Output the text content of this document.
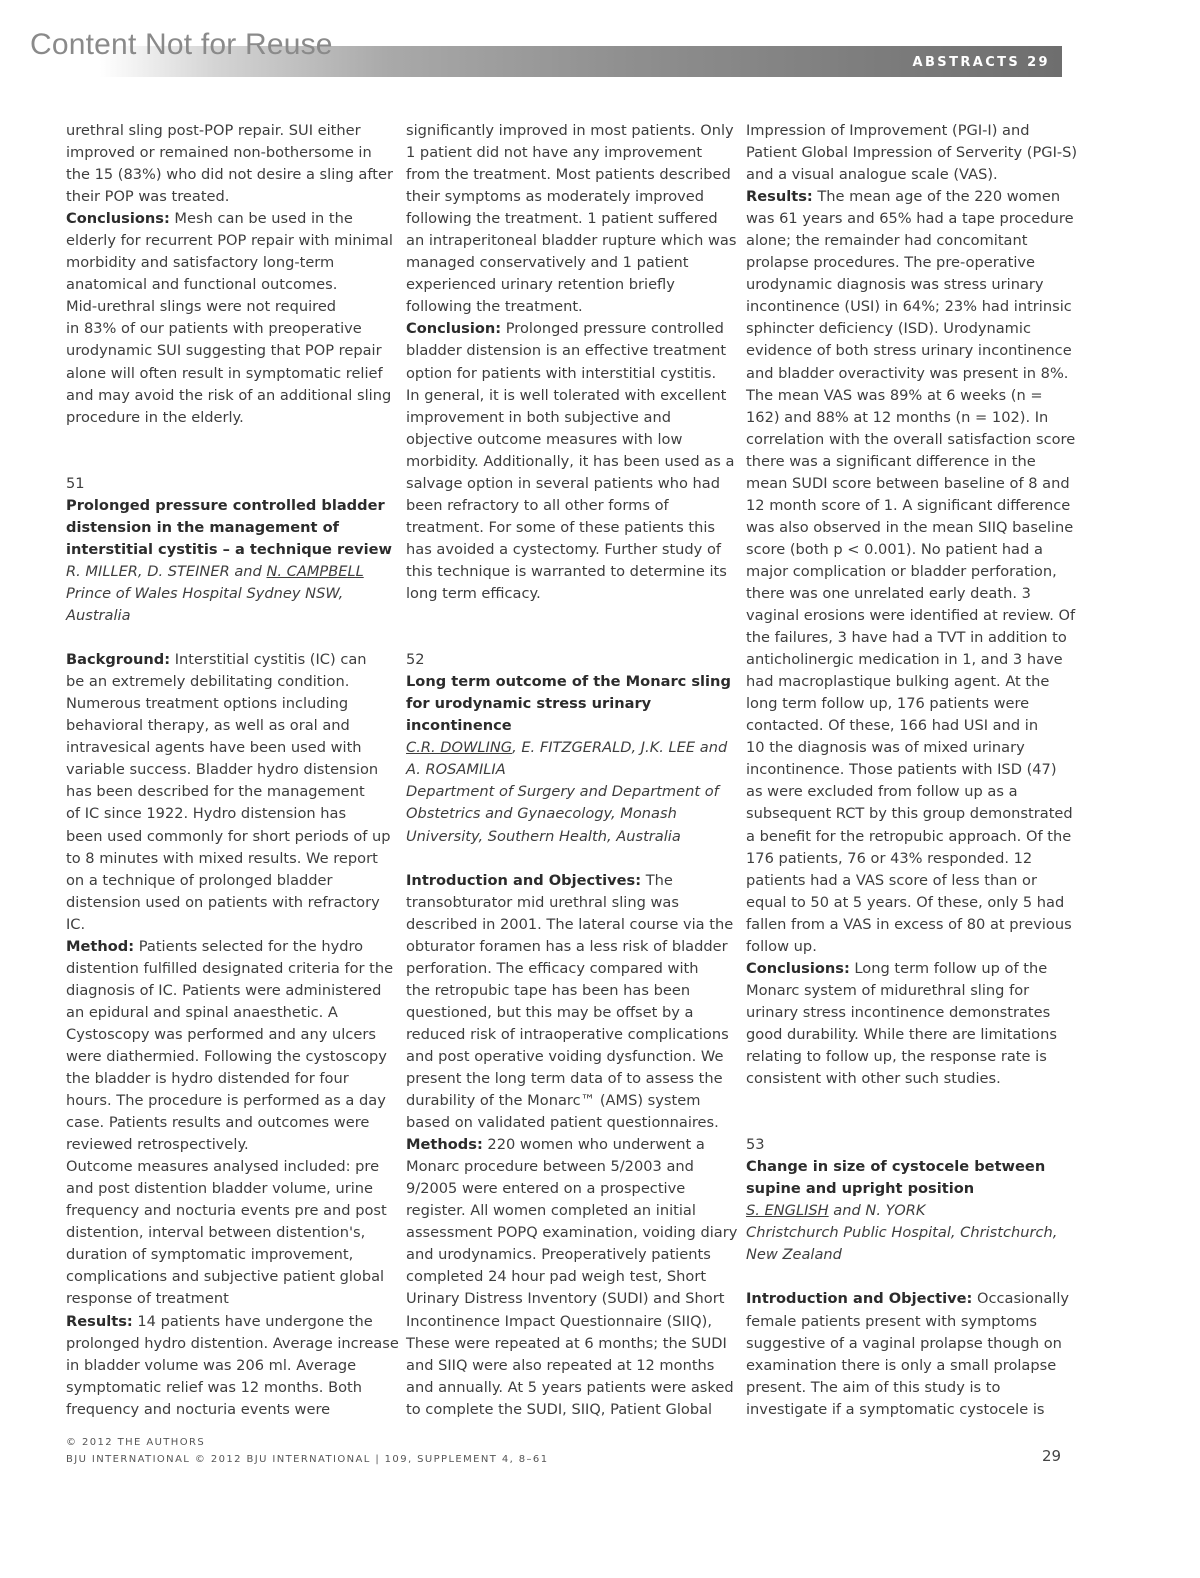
ABSTRACTS 29
Content Not for Reuse
urethral sling post-POP repair. SUI either
improved or remained non-bothersome in
the 15 (83%) who did not desire a sling after
their POP was treated.
Conclusions: Mesh can be used in the
elderly for recurrent POP repair with minimal
morbidity and satisfactory long-term
anatomical and functional outcomes.
Mid-urethral slings were not required
in 83% of our patients with preoperative
urodynamic SUI suggesting that POP repair
alone will often result in symptomatic relief
and may avoid the risk of an additional sling
procedure in the elderly.
51
Prolonged pressure controlled bladder
distension in the management of
interstitial cystitis – a technique review
R. MILLER, D. STEINER and N. CAMPBELL
Prince of Wales Hospital Sydney NSW,
Australia
Background: Interstitial cystitis (IC) can
be an extremely debilitating condition.
Numerous treatment options including
behavioral therapy, as well as oral and
intravesical agents have been used with
variable success. Bladder hydro distension
has been described for the management
of IC since 1922. Hydro distension has
been used commonly for short periods of up
to 8 minutes with mixed results. We report
on a technique of prolonged bladder
distension used on patients with refractory
IC.
Method: Patients selected for the hydro
distention fulfilled designated criteria for the
diagnosis of IC. Patients were administered
an epidural and spinal anaesthetic. A
Cystoscopy was performed and any ulcers
were diathermied. Following the cystoscopy
the bladder is hydro distended for four
hours. The procedure is performed as a day
case. Patients results and outcomes were
reviewed retrospectively.
Outcome measures analysed included: pre
and post distention bladder volume, urine
frequency and nocturia events pre and post
distention, interval between distention's,
duration of symptomatic improvement,
complications and subjective patient global
response of treatment
Results: 14 patients have undergone the
prolonged hydro distention. Average increase
in bladder volume was 206 ml. Average
symptomatic relief was 12 months. Both
frequency and nocturia events were
significantly improved in most patients. Only
1 patient did not have any improvement
from the treatment. Most patients described
their symptoms as moderately improved
following the treatment. 1 patient suffered
an intraperitoneal bladder rupture which was
managed conservatively and 1 patient
experienced urinary retention briefly
following the treatment.
Conclusion: Prolonged pressure controlled
bladder distension is an effective treatment
option for patients with interstitial cystitis.
In general, it is well tolerated with excellent
improvement in both subjective and
objective outcome measures with low
morbidity. Additionally, it has been used as a
salvage option in several patients who had
been refractory to all other forms of
treatment. For some of these patients this
has avoided a cystectomy. Further study of
this technique is warranted to determine its
long term efficacy.
52
Long term outcome of the Monarc sling
for urodynamic stress urinary
incontinence
C.R. DOWLING, E. FITZGERALD, J.K. LEE and
A. ROSAMILIA
Department of Surgery and Department of
Obstetrics and Gynaecology, Monash
University, Southern Health, Australia
Introduction and Objectives: The
transobturator mid urethral sling was
described in 2001. The lateral course via the
obturator foramen has a less risk of bladder
perforation. The efficacy compared with
the retropubic tape has been has been
questioned, but this may be offset by a
reduced risk of intraoperative complications
and post operative voiding dysfunction. We
present the long term data of to assess the
durability of the Monarc™ (AMS) system
based on validated patient questionnaires.
Methods: 220 women who underwent a
Monarc procedure between 5/2003 and
9/2005 were entered on a prospective
register. All women completed an initial
assessment POPQ examination, voiding diary
and urodynamics. Preoperatively patients
completed 24 hour pad weigh test, Short
Urinary Distress Inventory (SUDI) and Short
Incontinence Impact Questionnaire (SIIQ),
These were repeated at 6 months; the SUDI
and SIIQ were also repeated at 12 months
and annually. At 5 years patients were asked
to complete the SUDI, SIIQ, Patient Global
Impression of Improvement (PGI-I) and
Patient Global Impression of Serverity (PGI-S)
and a visual analogue scale (VAS).
Results: The mean age of the 220 women
was 61 years and 65% had a tape procedure
alone; the remainder had concomitant
prolapse procedures. The pre-operative
urodynamic diagnosis was stress urinary
incontinence (USI) in 64%; 23% had intrinsic
sphincter deficiency (ISD). Urodynamic
evidence of both stress urinary incontinence
and bladder overactivity was present in 8%.
The mean VAS was 89% at 6 weeks (n =
162) and 88% at 12 months (n = 102). In
correlation with the overall satisfaction score
there was a significant difference in the
mean SUDI score between baseline of 8 and
12 month score of 1. A significant difference
was also observed in the mean SIIQ baseline
score (both p < 0.001). No patient had a
major complication or bladder perforation,
there was one unrelated early death. 3
vaginal erosions were identified at review. Of
the failures, 3 have had a TVT in addition to
anticholinergic medication in 1, and 3 have
had macroplastique bulking agent. At the
long term follow up, 176 patients were
contacted. Of these, 166 had USI and in
10 the diagnosis was of mixed urinary
incontinence. Those patients with ISD (47)
as were excluded from follow up as a
subsequent RCT by this group demonstrated
a benefit for the retropubic approach. Of the
176 patients, 76 or 43% responded. 12
patients had a VAS score of less than or
equal to 50 at 5 years. Of these, only 5 had
fallen from a VAS in excess of 80 at previous
follow up.
Conclusions: Long term follow up of the
Monarc system of midurethral sling for
urinary stress incontinence demonstrates
good durability. While there are limitations
relating to follow up, the response rate is
consistent with other such studies.
53
Change in size of cystocele between
supine and upright position
S. ENGLISH and N. YORK
Christchurch Public Hospital, Christchurch,
New Zealand
Introduction and Objective: Occasionally
female patients present with symptoms
suggestive of a vaginal prolapse though on
examination there is only a small prolapse
present. The aim of this study is to
investigate if a symptomatic cystocele is
© 2012 THE AUTHORS
BJU INTERNATIONAL © 2012 BJU INTERNATIONAL | 109, SUPPLEMENT 4, 8–61	29
